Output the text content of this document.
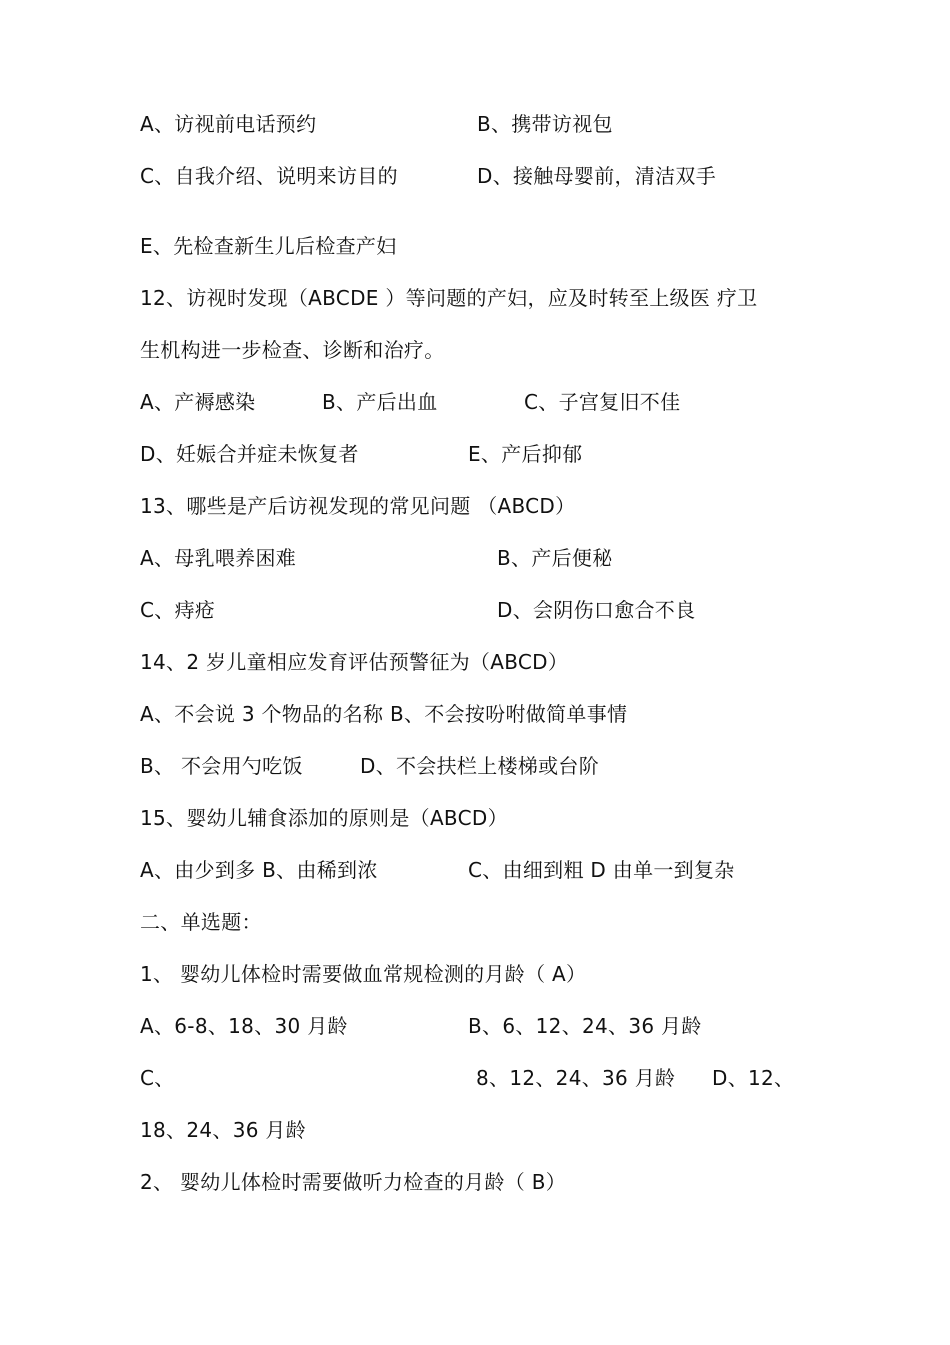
A、访视前电话预约	B、携带访视包
C、自我介绍、说明来访目的	D、接触母婴前，清洁双手
E、先检查新生儿后检查产妇
12、访视时发现（ABCDE ）等问题的产妇，应及时转至上级医 疗卫
生机构进一步检查、诊断和治疗。
A、产褥感染	B、产后出血	C、子宫复旧不佳
D、妊娠合并症未恢复者	E、产后抑郁
13、哪些是产后访视发现的常见问题 （ABCD）
A、母乳喂养困难	B、产后便秘
C、痔疮	D、会阴伤口愈合不良
14、2 岁儿童相应发育评估预警征为（ABCD）
A、不会说 3 个物品的名称 B、不会按吩咐做简单事情
B、 不会用勺吃饭	D、不会扶栏上楼梯或台阶
15、婴幼儿辅食添加的原则是（ABCD）
A、由少到多 B、由稀到浓	C、由细到粗 D 由单一到复杂
二、单选题：
1、 婴幼儿体检时需要做血常规检测的月龄（ A）
A、6-8、18、30 月龄	B、6、12、24、36 月龄
C、	8、12、24、36 月龄 D、12、
18、24、36 月龄
2、 婴幼儿体检时需要做听力检查的月龄（ B）
